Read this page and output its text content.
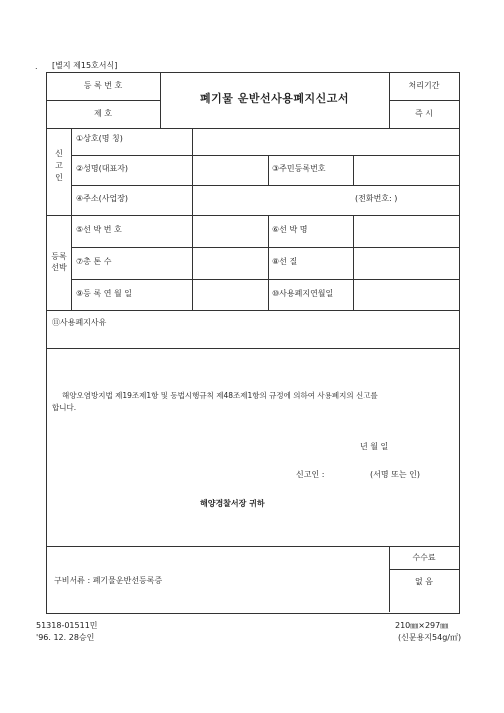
. [별지 제15호서식]
등 록 번 호
제 호
폐기물 운반선사용폐지신고서
처리기간
즉 시
신
고
인
①상호(명 칭)
②성명(대표자)	③주민등록번호
④주소(사업장)	(전화번호: )
등록
선박
⑤선 박 번 호	⑥선 박 명
⑦총 톤 수	⑧선 질
⑨등 록 연 월 일	⑩사용폐지연월일
⑪사용폐지사유
해양오염방지법 제19조제1항 및 동법시행규칙 제48조제1항의 규정에 의하여 사용폐지의 신고를
합니다.
년 월 일
신고인 :	(서명 또는 인)
해양경찰서장 귀하
구비서류 : 폐기물운반선등록증
수수료
없 음
51318-01511민
'96. 12. 28승인
210㎜×297㎜
(신문용지54g/㎡)
